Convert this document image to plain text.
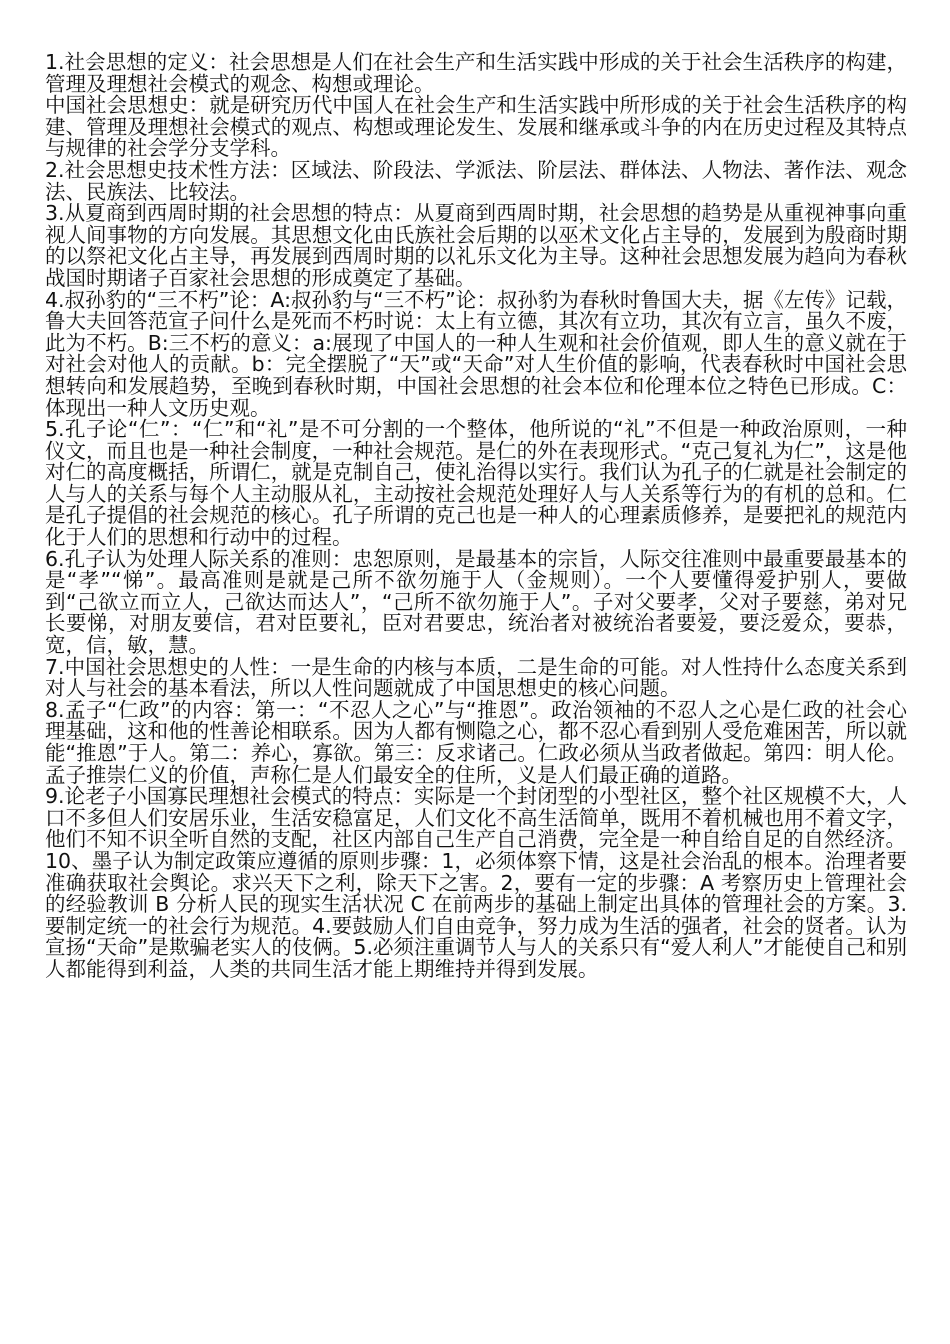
1.社会思想的定义：社会思想是人们在社会生产和生活实践中形成的关于社会生活秩序的构建，管理及理想社会模式的观念、构想或理论。

中国社会思想史：就是研究历代中国人在社会生产和生活实践中所形成的关于社会生活秩序的构建、管理及理想社会模式的观点、构想或理论发生、发展和继承或斗争的内在历史过程及其特点与规律的社会学分支学科。

2.社会思想史技术性方法：区域法、阶段法、学派法、阶层法、群体法、人物法、著作法、观念法、民族法、比较法。

3.从夏商到西周时期的社会思想的特点：从夏商到西周时期，社会思想的趋势是从重视神事向重视人间事物的方向发展。其思想文化由氏族社会后期的以巫术文化占主导的，发展到为殷商时期的以祭祀文化占主导，再发展到西周时期的以礼乐文化为主导。这种社会思想发展为趋向为春秋战国时期诸子百家社会思想的形成奠定了基础。

4.叔孙豹的“三不朽”论：A:叔孙豹与“三不朽”论：叔孙豹为春秋时鲁国大夫，据《左传》记载，鲁大夫回答范宣子问什么是死而不朽时说：太上有立德，其次有立功，其次有立言，虽久不废，此为不朽。B:三不朽的意义：a:展现了中国人的一种人生观和社会价值观，即人生的意义就在于对社会对他人的贡献。b：完全摆脱了“天”或“天命”对人生价值的影响，代表春秋时中国社会思想转向和发展趋势，至晚到春秋时期，中国社会思想的社会本位和伦理本位之特色已形成。C：体现出一种人文历史观。

5.孔子论“仁”：“仁”和“礼”是不可分割的一个整体，他所说的“礼”不但是一种政治原则，一种仪文，而且也是一种社会制度，一种社会规范。是仁的外在表现形式。“克己复礼为仁”，这是他对仁的高度概括，所谓仁，就是克制自己，使礼治得以实行。我们认为孔子的仁就是社会制定的人与人的关系与每个人主动服从礼，主动按社会规范处理好人与人关系等行为的有机的总和。仁是孔子提倡的社会规范的核心。孔子所谓的克己也是一种人的心理素质修养，是要把礼的规范内化于人们的思想和行动中的过程。

6.孔子认为处理人际关系的准则：忠恕原则，是最基本的宗旨，人际交往准则中最重要最基本的是“孝”“悌”。最高准则是就是己所不欲勿施于人（金规则）。一个人要懂得爱护别人，要做到“己欲立而立人，己欲达而达人”，“己所不欲勿施于人”。子对父要孝，父对子要慈，弟对兄长要悌，对朋友要信，君对臣要礼，臣对君要忠，统治者对被统治者要爱，要泛爱众，要恭，宽，信，敏，慧。

7.中国社会思想史的人性：一是生命的内核与本质，二是生命的可能。对人性持什么态度关系到对人与社会的基本看法，所以人性问题就成了中国思想史的核心问题。

8.孟子“仁政”的内容：第一：“不忍人之心”与“推恩”。政治领袖的不忍人之心是仁政的社会心理基础，这和他的性善论相联系。因为人都有恻隐之心，都不忍心看到别人受危难困苦，所以就能“推恩”于人。第二：养心，寡欲。第三：反求诸己。仁政必须从当政者做起。第四：明人伦。孟子推崇仁义的价值，声称仁是人们最安全的住所，义是人们最正确的道路。

9.论老子小国寡民理想社会模式的特点：实际是一个封闭型的小型社区，整个社区规模不大，人口不多但人们安居乐业，生活安稳富足，人们文化不高生活简单，既用不着机械也用不着文字，他们不知不识全听自然的支配，社区内部自己生产自己消费，完全是一种自给自足的自然经济。

10、墨子认为制定政策应遵循的原则步骤：1，必须体察下情，这是社会治乱的根本。治理者要准确获取社会舆论。求兴天下之利，除天下之害。2，要有一定的步骤：A 考察历史上管理社会的经验教训 B 分析人民的现实生活状况 C 在前两步的基础上制定出具体的管理社会的方案。3.要制定统一的社会行为规范。4.要鼓励人们自由竞争，努力成为生活的强者，社会的贤者。认为宣扬“天命”是欺骗老实人的伎俩。5.必须注重调节人与人的关系只有“爱人利人”才能使自己和别人都能得到利益，人类的共同生活才能上期维持并得到发展。
